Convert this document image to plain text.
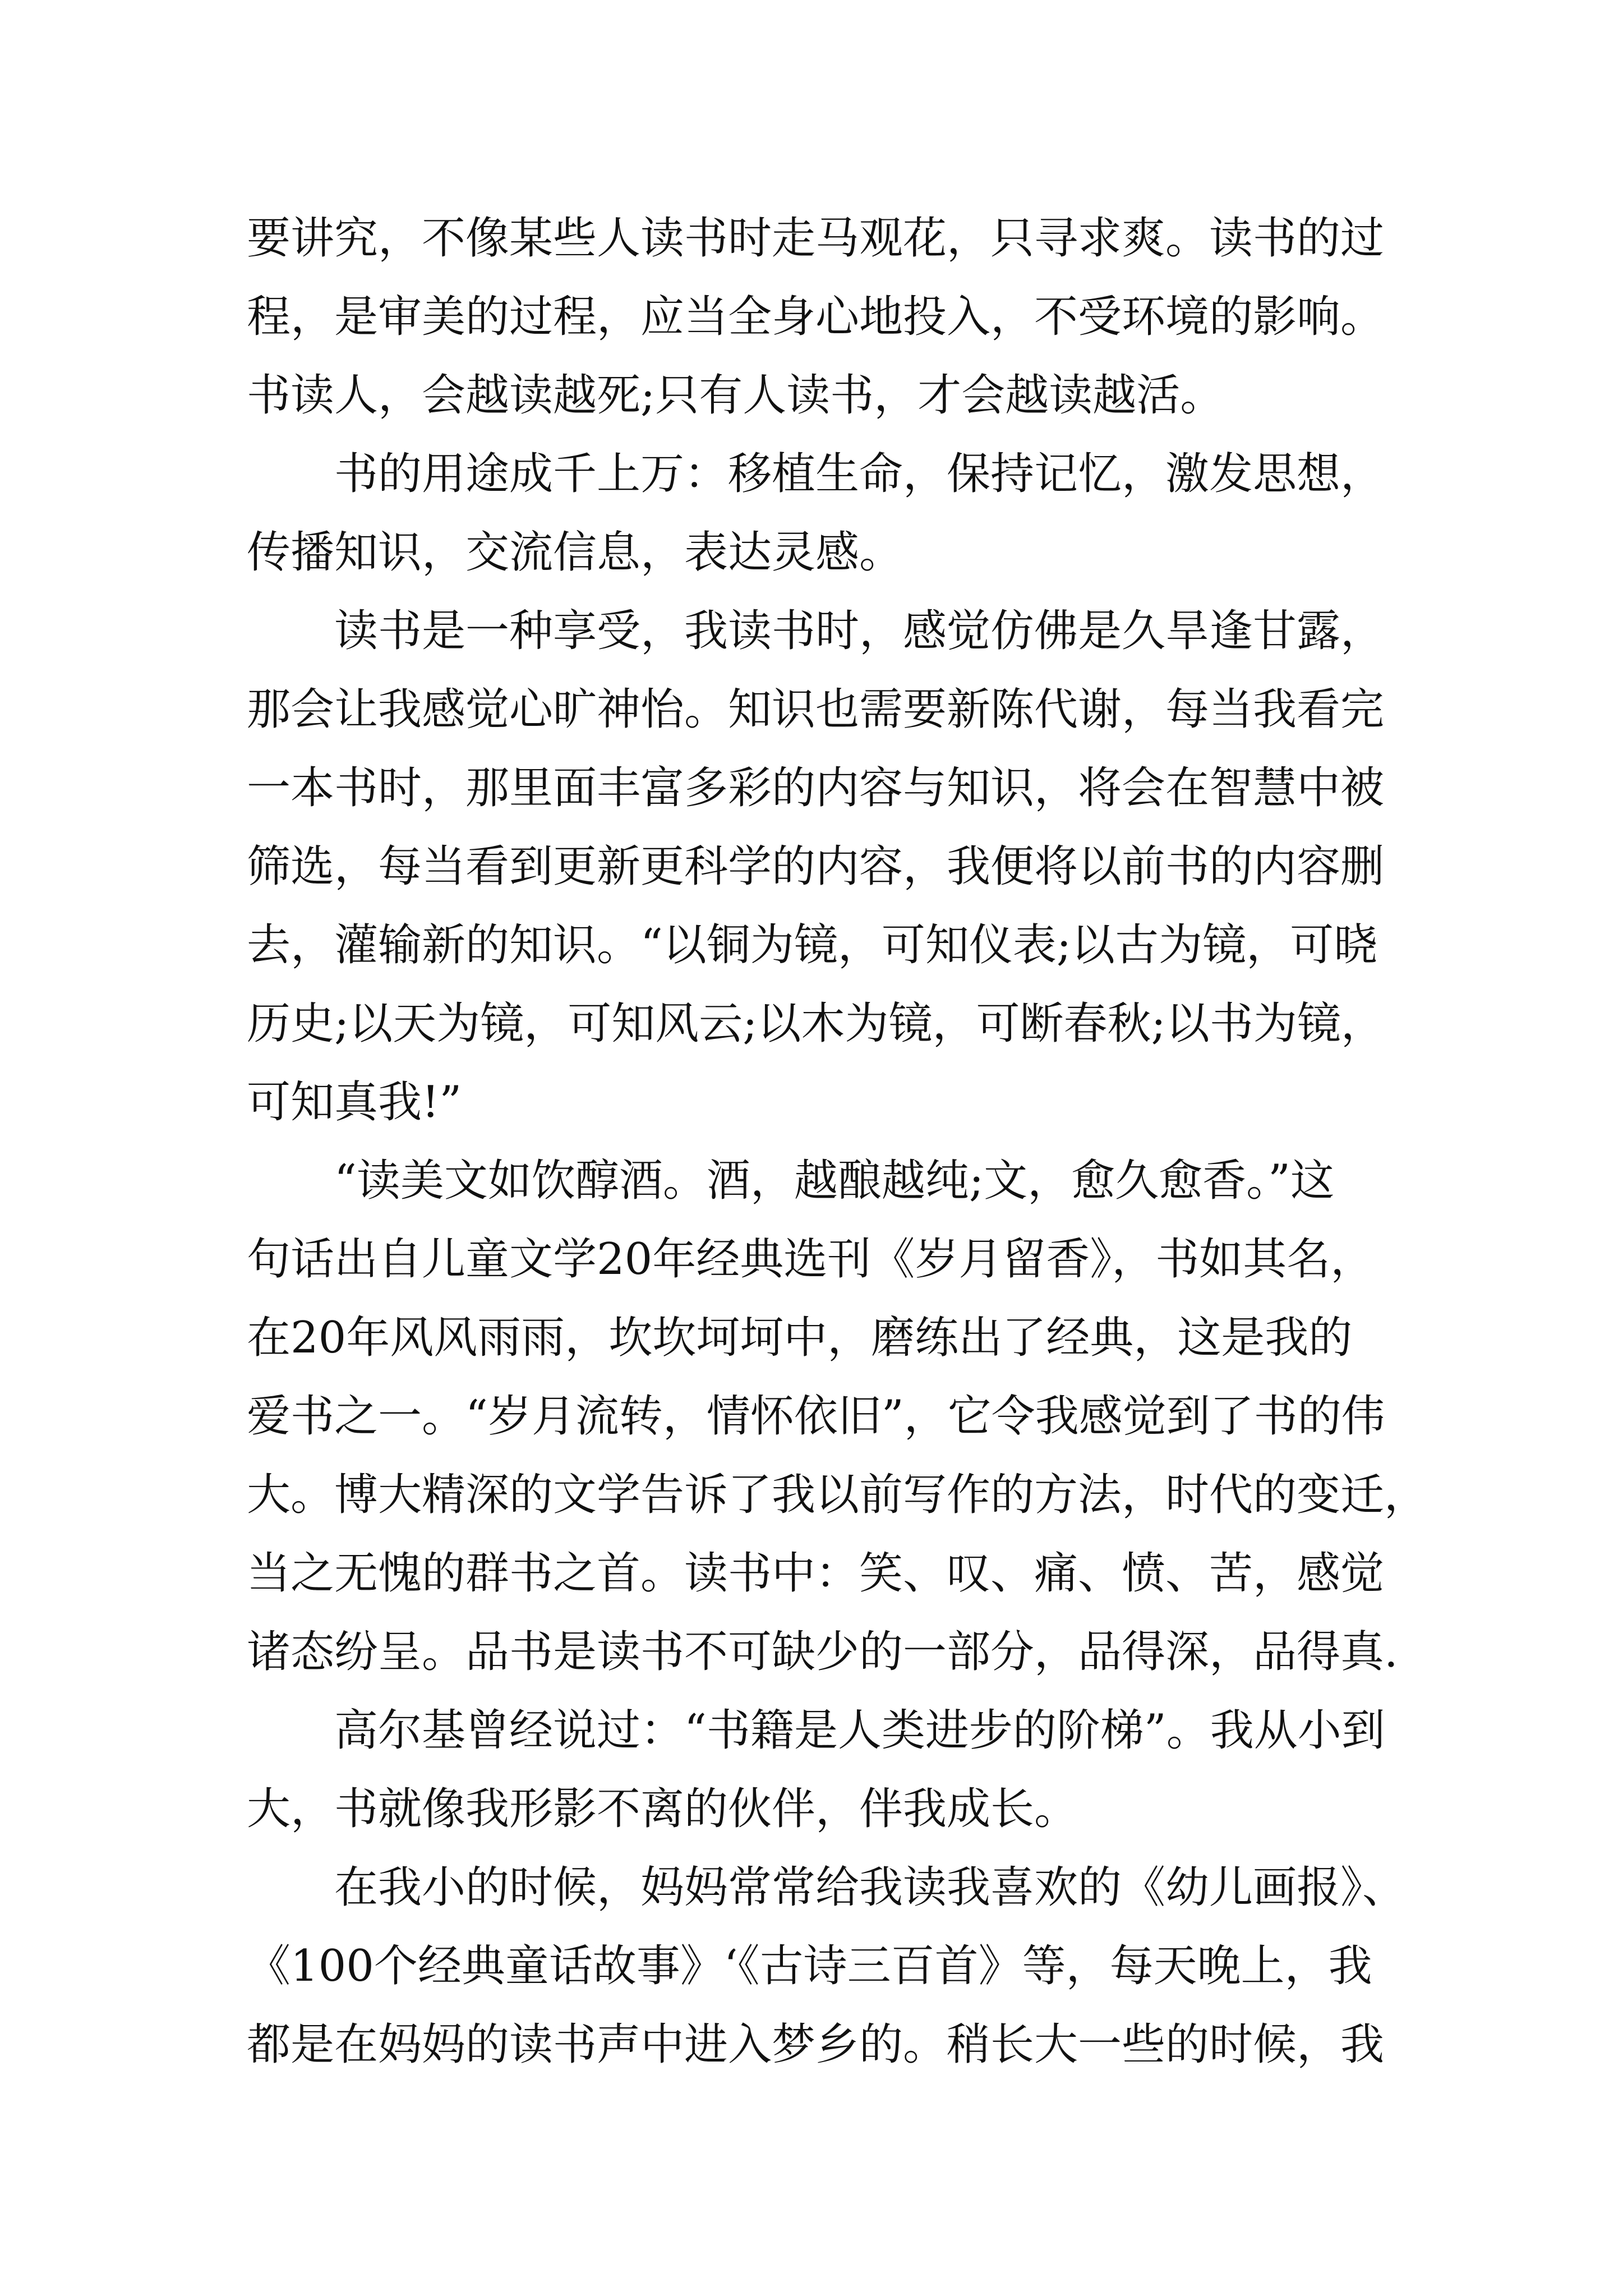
要讲究，不像某些人读书时走马观花，只寻求爽。读书的过
程，是审美的过程，应当全身心地投入，不受环境的影响。
书读人，会越读越死;只有人读书，才会越读越活。
书的用途成千上万：移植生命，保持记忆，激发思想，
传播知识，交流信息，表达灵感。
读书是一种享受，我读书时，感觉仿佛是久旱逢甘露，
那会让我感觉心旷神怡。知识也需要新陈代谢，每当我看完
一本书时，那里面丰富多彩的内容与知识，将会在智慧中被
筛选，每当看到更新更科学的内容，我便将以前书的内容删
去，灌输新的知识。“以铜为镜，可知仪表;以古为镜，可晓
历史;以天为镜，可知风云;以木为镜，可断春秋;以书为镜，
可知真我!”
“读美文如饮醇酒。酒，越酿越纯;文，愈久愈香。”这
句话出自儿童文学20年经典选刊《岁月留香》，书如其名，
在20年风风雨雨，坎坎坷坷中，磨练出了经典，这是我的
爱书之一。“岁月流转，情怀依旧”，它令我感觉到了书的伟
大。博大精深的文学告诉了我以前写作的方法，时代的变迁，
当之无愧的群书之首。读书中：笑、叹、痛、愤、苦，感觉
诸态纷呈。品书是读书不可缺少的一部分，品得深，品得真.
高尔基曾经说过：“书籍是人类进步的阶梯”。我从小到
大，书就像我形影不离的伙伴，伴我成长。
在我小的时候，妈妈常常给我读我喜欢的《幼儿画报》、
《100个经典童话故事》‘《古诗三百首》等，每天晚上，我
都是在妈妈的读书声中进入梦乡的。稍长大一些的时候，我
